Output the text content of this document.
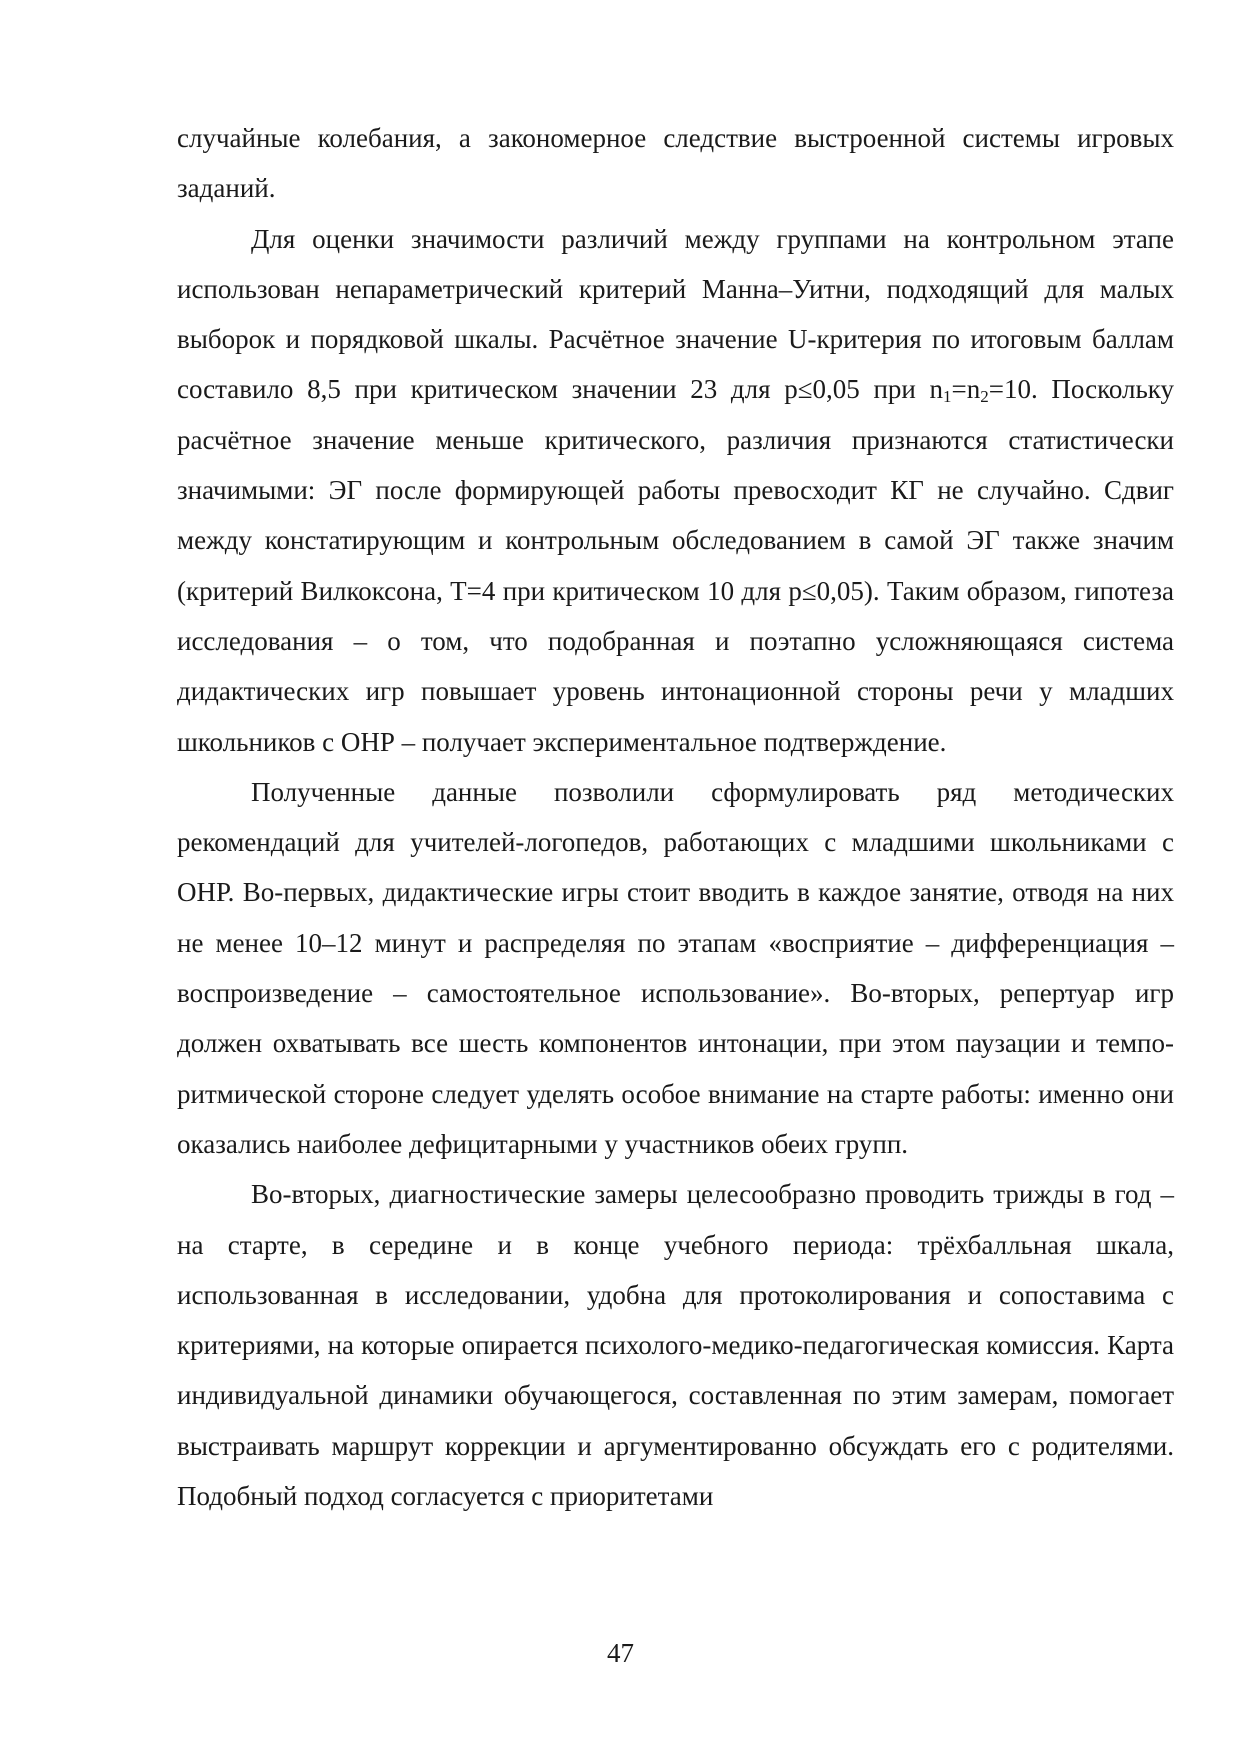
случайные колебания, а закономерное следствие выстроенной системы игровых заданий.

Для оценки значимости различий между группами на контрольном этапе использован непараметрический критерий Манна–Уитни, подходящий для малых выборок и порядковой шкалы. Расчётное значение U-критерия по итоговым баллам составило 8,5 при критическом значении 23 для p≤0,05 при $n_1=n_2=10$. Поскольку расчётное значение меньше критического, различия признаются статистически значимыми: ЭГ после формирующей работы превосходит КГ не случайно. Сдвиг между констатирующим и контрольным обследованием в самой ЭГ также значим (критерий Вилкоксона, T=4 при критическом 10 для p≤0,05). Таким образом, гипотеза исследования – о том, что подобранная и поэтапно усложняющаяся система дидактических игр повышает уровень интонационной стороны речи у младших школьников с ОНР – получает экспериментальное подтверждение.

Полученные данные позволили сформулировать ряд методических рекомендаций для учителей-логопедов, работающих с младшими школьниками с ОНР. Во-первых, дидактические игры стоит вводить в каждое занятие, отводя на них не менее 10–12 минут и распределяя по этапам «восприятие – дифференциация – воспроизведение – самостоятельное использование». Во-вторых, репертуар игр должен охватывать все шесть компонентов интонации, при этом паузации и темпо-ритмической стороне следует уделять особое внимание на старте работы: именно они оказались наиболее дефицитарными у участников обеих групп.

Во-вторых, диагностические замеры целесообразно проводить трижды в год – на старте, в середине и в конце учебного периода: трёхбалльная шкала, использованная в исследовании, удобна для протоколирования и сопоставима с критериями, на которые опирается психолого-медико-педагогическая комиссия. Карта индивидуальной динамики обучающегося, составленная по этим замерам, помогает выстраивать маршрут коррекции и аргументированно обсуждать его с родителями. Подобный подход согласуется с приоритетами

47
